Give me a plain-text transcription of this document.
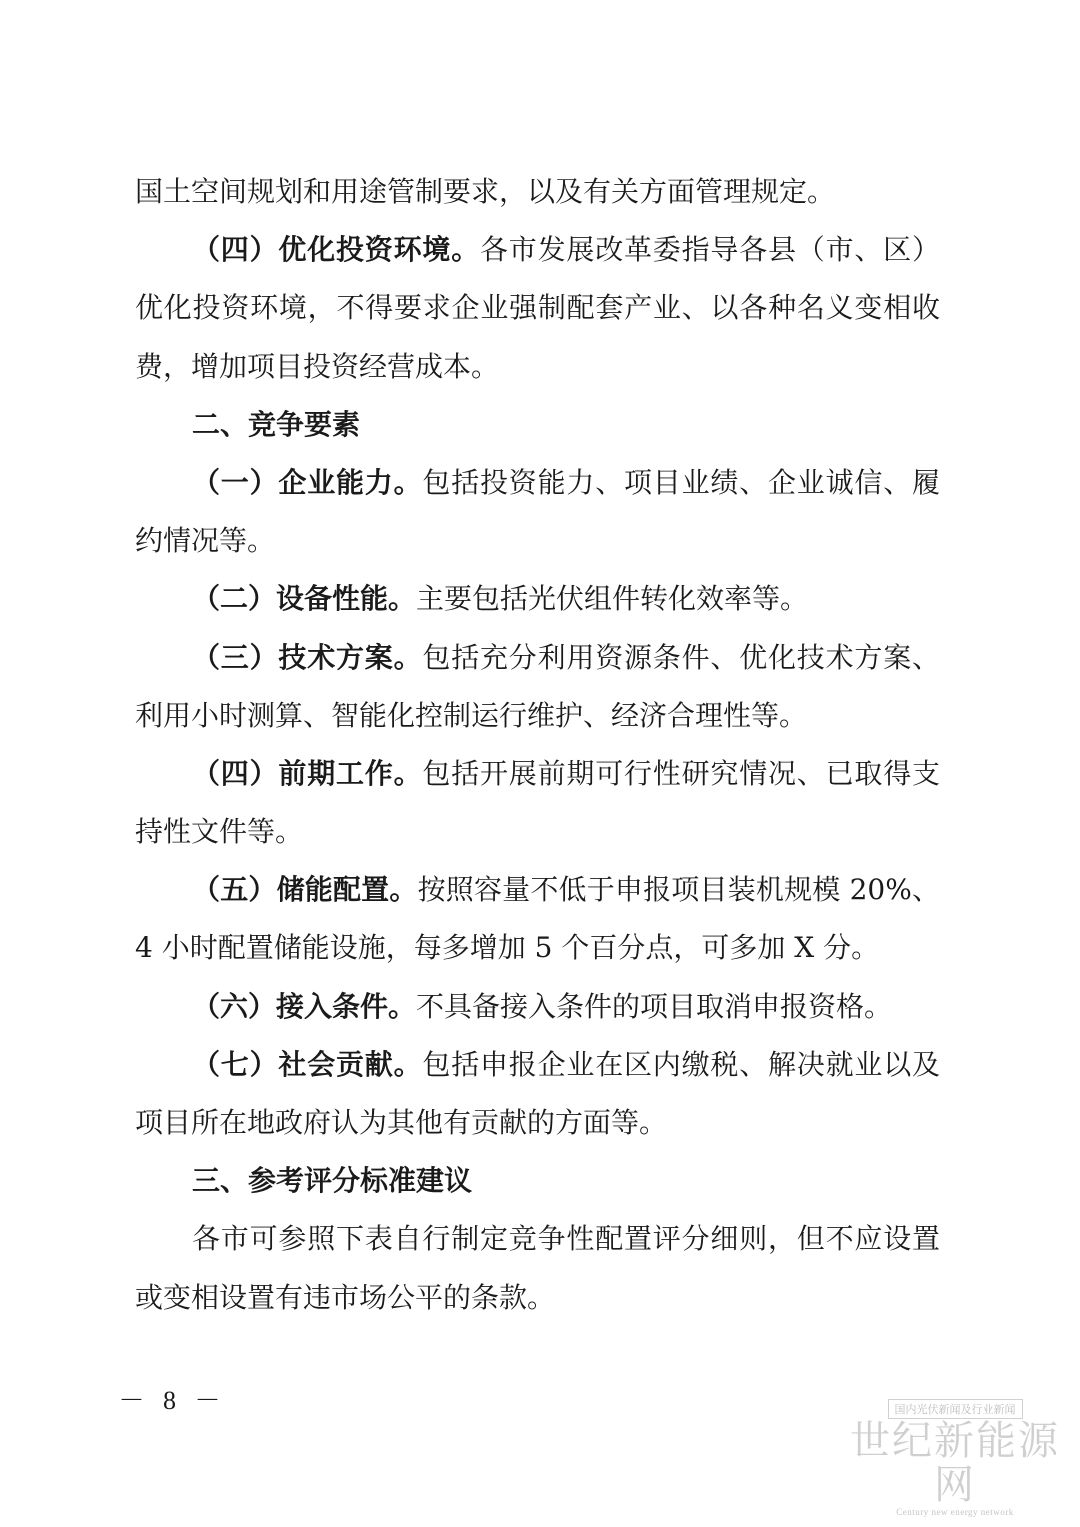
国土空间规划和用途管制要求，以及有关方面管理规定。
（四）优化投资环境。各市发展改革委指导各县（市、区）
优化投资环境，不得要求企业强制配套产业、以各种名义变相收
费，增加项目投资经营成本。
二、竞争要素
（一）企业能力。包括投资能力、项目业绩、企业诚信、履
约情况等。
（二）设备性能。主要包括光伏组件转化效率等。
（三）技术方案。包括充分利用资源条件、优化技术方案、
利用小时测算、智能化控制运行维护、经济合理性等。
（四）前期工作。包括开展前期可行性研究情况、已取得支
持性文件等。
（五）储能配置。按照容量不低于申报项目装机规模 20%、
4 小时配置储能设施，每多增加 5 个百分点，可多加 X 分。
（六）接入条件。不具备接入条件的项目取消申报资格。
（七）社会贡献。包括申报企业在区内缴税、解决就业以及
项目所在地政府认为其他有贡献的方面等。
三、参考评分标准建议
各市可参照下表自行制定竞争性配置评分细则，但不应设置
或变相设置有违市场公平的条款。
－ 8 －	国内光伏新闻及行业新闻
世纪新能源网
Century new energy network
